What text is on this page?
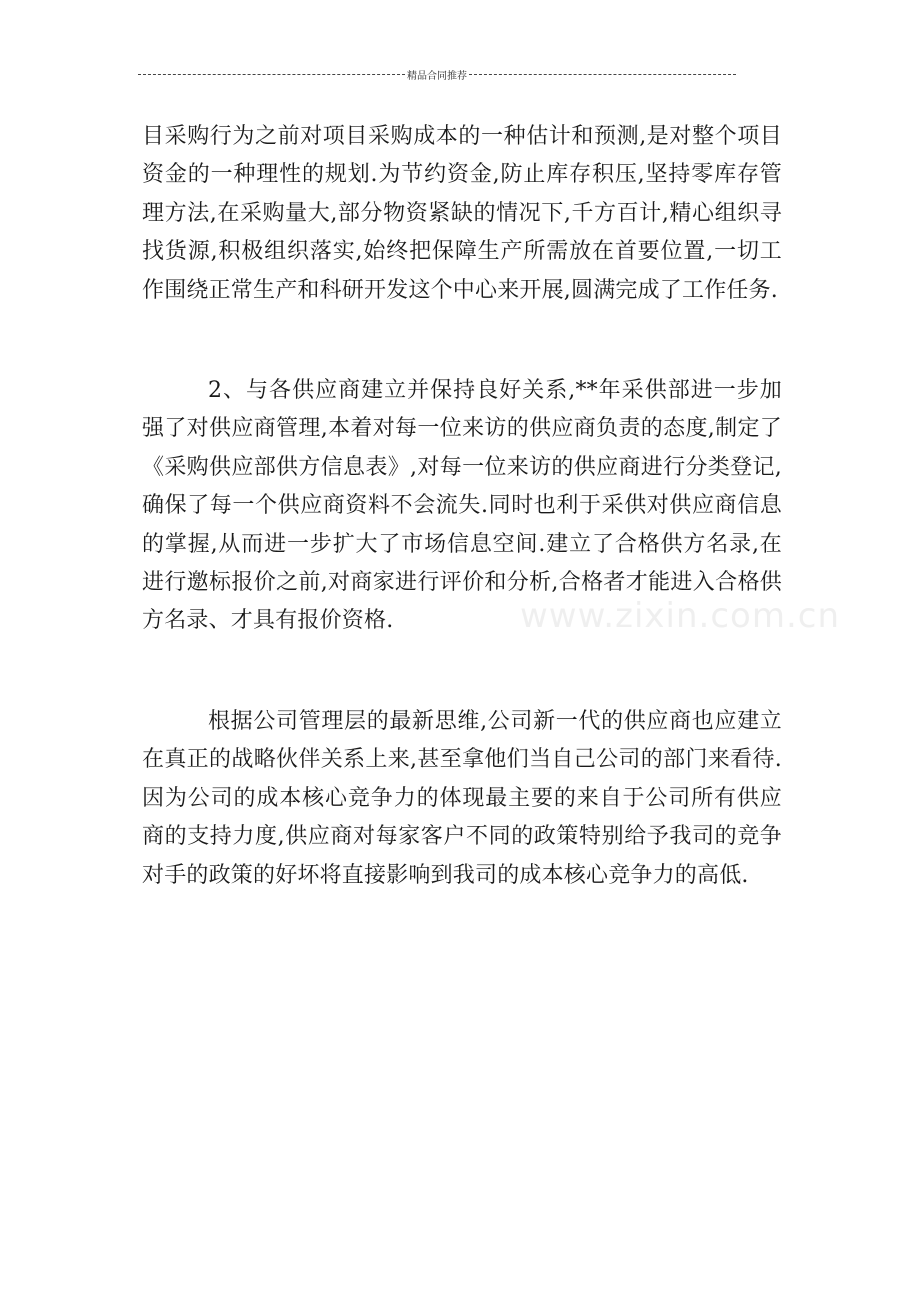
精品合同推荐
www.zixin.com.cn

目采购行为之前对项目采购成本的一种估计和预测,是对整个项目资金的一种理性的规划.为节约资金,防止库存积压,坚持零库存管理方法,在采购量大,部分物资紧缺的情况下,千方百计,精心组织寻找货源,积极组织落实,始终把保障生产所需放在首要位置,一切工作围绕正常生产和科研开发这个中心来开展,圆满完成了工作任务.

2、与各供应商建立并保持良好关系,**年采供部进一步加强了对供应商管理,本着对每一位来访的供应商负责的态度,制定了《采购供应部供方信息表》,对每一位来访的供应商进行分类登记,确保了每一个供应商资料不会流失.同时也利于采供对供应商信息的掌握,从而进一步扩大了市场信息空间.建立了合格供方名录,在进行邀标报价之前,对商家进行评价和分析,合格者才能进入合格供方名录、才具有报价资格.

根据公司管理层的最新思维,公司新一代的供应商也应建立在真正的战略伙伴关系上来,甚至拿他们当自己公司的部门来看待.因为公司的成本核心竞争力的体现最主要的来自于公司所有供应商的支持力度,供应商对每家客户不同的政策特别给予我司的竞争对手的政策的好坏将直接影响到我司的成本核心竞争力的高低.
